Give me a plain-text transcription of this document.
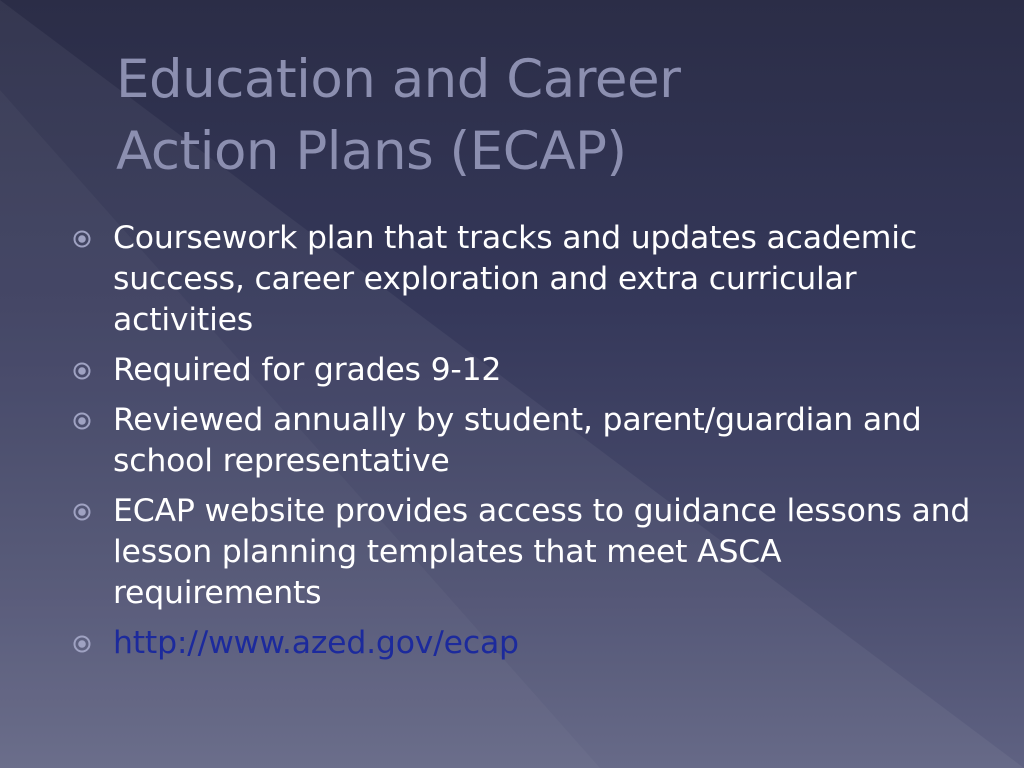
Education and Career
Action Plans (ECAP)
Coursework plan that tracks and updates academic success, career exploration and extra curricular activities
Required for grades 9-12
Reviewed annually by student, parent/guardian and school representative
ECAP website provides access to guidance lessons and lesson planning templates that meet ASCA requirements
http://www.azed.gov/ecap
